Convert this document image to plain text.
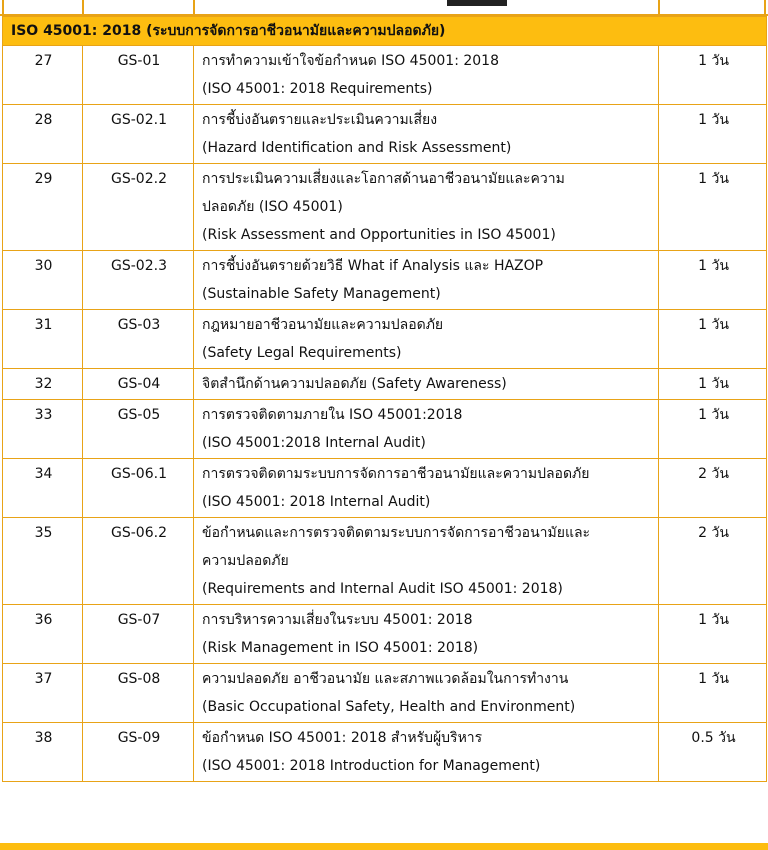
ISO 45001: 2018 (ระบบการจัดการอาชีวอนามัยและความปลอดภัย)			
27	GS-01	การทำความเข้าใจข้อกำหนด ISO 45001: 2018
(ISO 45001: 2018 Requirements)	1 วัน
28	GS-02.1	การชี้บ่งอันตรายและประเมินความเสี่ยง
(Hazard Identification and Risk Assessment)	1 วัน
29	GS-02.2	การประเมินความเสี่ยงและโอกาสด้านอาชีวอนามัยและความ
ปลอดภัย (ISO 45001)
(Risk Assessment and Opportunities in ISO 45001)	1 วัน
30	GS-02.3	การชี้บ่งอันตรายด้วยวิธี What if Analysis และ HAZOP
(Sustainable Safety Management)	1 วัน
31	GS-03	กฎหมายอาชีวอนามัยและความปลอดภัย
(Safety Legal Requirements)	1 วัน
32	GS-04	จิตสำนึกด้านความปลอดภัย (Safety Awareness)	1 วัน
33	GS-05	การตรวจติดตามภายใน ISO 45001:2018
(ISO 45001:2018 Internal Audit)	1 วัน
34	GS-06.1	การตรวจติดตามระบบการจัดการอาชีวอนามัยและความปลอดภัย
(ISO 45001: 2018 Internal Audit)	2 วัน
35	GS-06.2	ข้อกำหนดและการตรวจติดตามระบบการจัดการอาชีวอนามัยและ
ความปลอดภัย
(Requirements and Internal Audit ISO 45001: 2018)	2 วัน
36	GS-07	การบริหารความเสี่ยงในระบบ 45001: 2018
(Risk Management in ISO 45001: 2018)	1 วัน
37	GS-08	ความปลอดภัย อาชีวอนามัย และสภาพแวดล้อมในการทำงาน
(Basic Occupational Safety, Health and Environment)	1 วัน
38	GS-09	ข้อกำหนด ISO 45001: 2018 สำหรับผู้บริหาร
(ISO 45001: 2018 Introduction for Management)	0.5 วัน
